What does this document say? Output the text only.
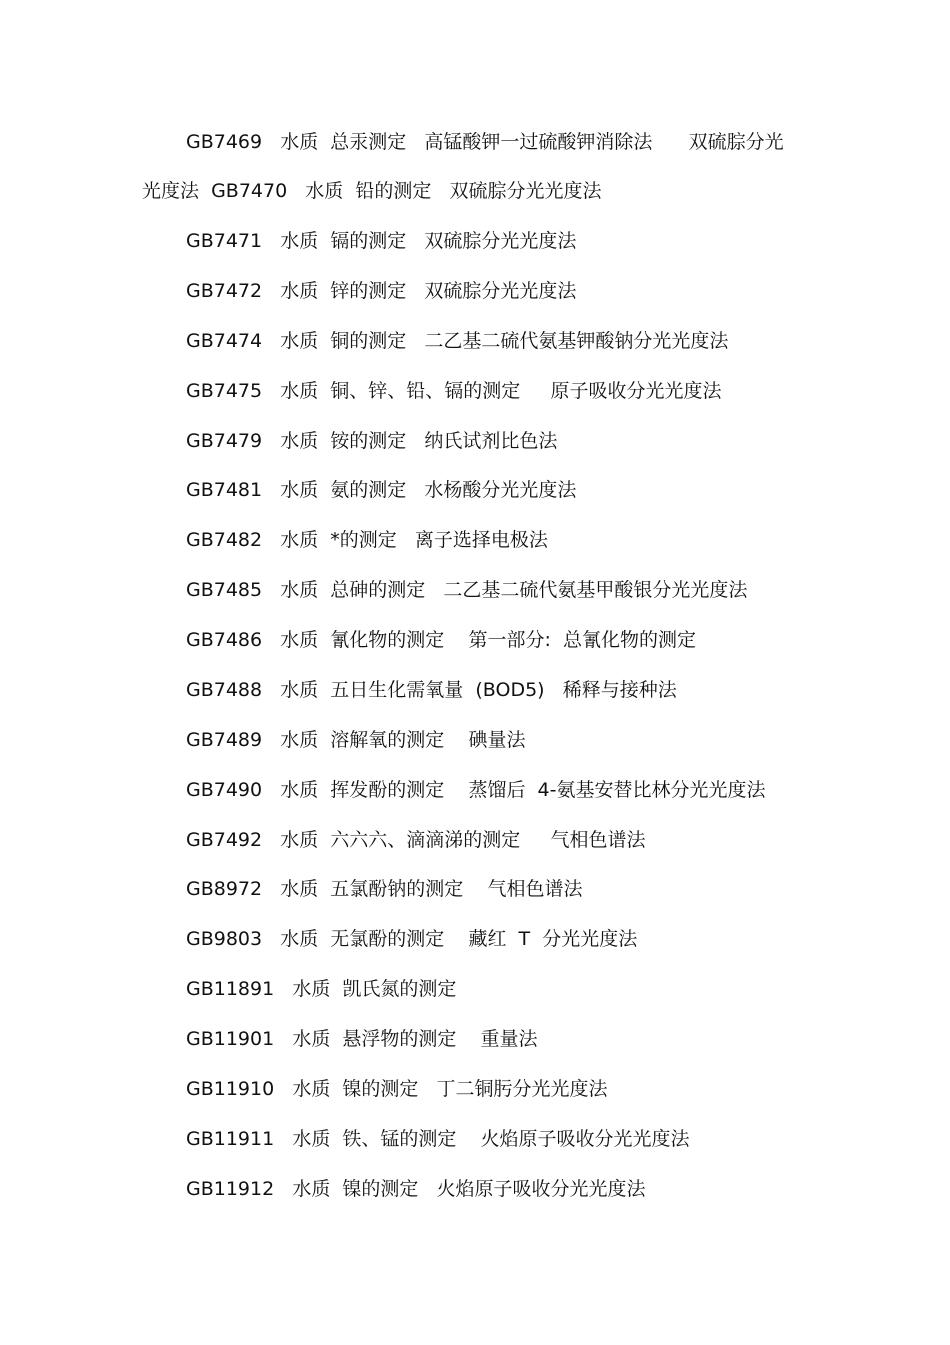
GB7469   水质  总汞测定   高锰酸钾一过硫酸钾消除法      双硫腙分光
光度法  GB7470   水质  铅的测定   双硫腙分光光度法
GB7471   水质  镉的测定   双硫腙分光光度法
GB7472   水质  锌的测定   双硫腙分光光度法
GB7474   水质  铜的测定   二乙基二硫代氨基钾酸钠分光光度法
GB7475   水质  铜、锌、铅、镉的测定     原子吸收分光光度法
GB7479   水质  铵的测定   纳氏试剂比色法
GB7481   水质  氨的测定   水杨酸分光光度法
GB7482   水质  *的测定   离子选择电极法
GB7485   水质  总砷的测定   二乙基二硫代氨基甲酸银分光光度法
GB7486   水质  氰化物的测定    第一部分:  总氰化物的测定
GB7488   水质  五日生化需氧量  (BOD5)   稀释与接种法
GB7489   水质  溶解氧的测定    碘量法
GB7490   水质  挥发酚的测定    蒸馏后  4-氨基安替比林分光光度法
GB7492   水质  六六六、滴滴涕的测定     气相色谱法
GB8972   水质  五氯酚钠的测定    气相色谱法
GB9803   水质  无氯酚的测定    藏红  T  分光光度法
GB11891   水质  凯氏氮的测定
GB11901   水质  悬浮物的测定    重量法
GB11910   水质  镍的测定   丁二铜肟分光光度法
GB11911   水质  铁、锰的测定    火焰原子吸收分光光度法
GB11912   水质  镍的测定   火焰原子吸收分光光度法
